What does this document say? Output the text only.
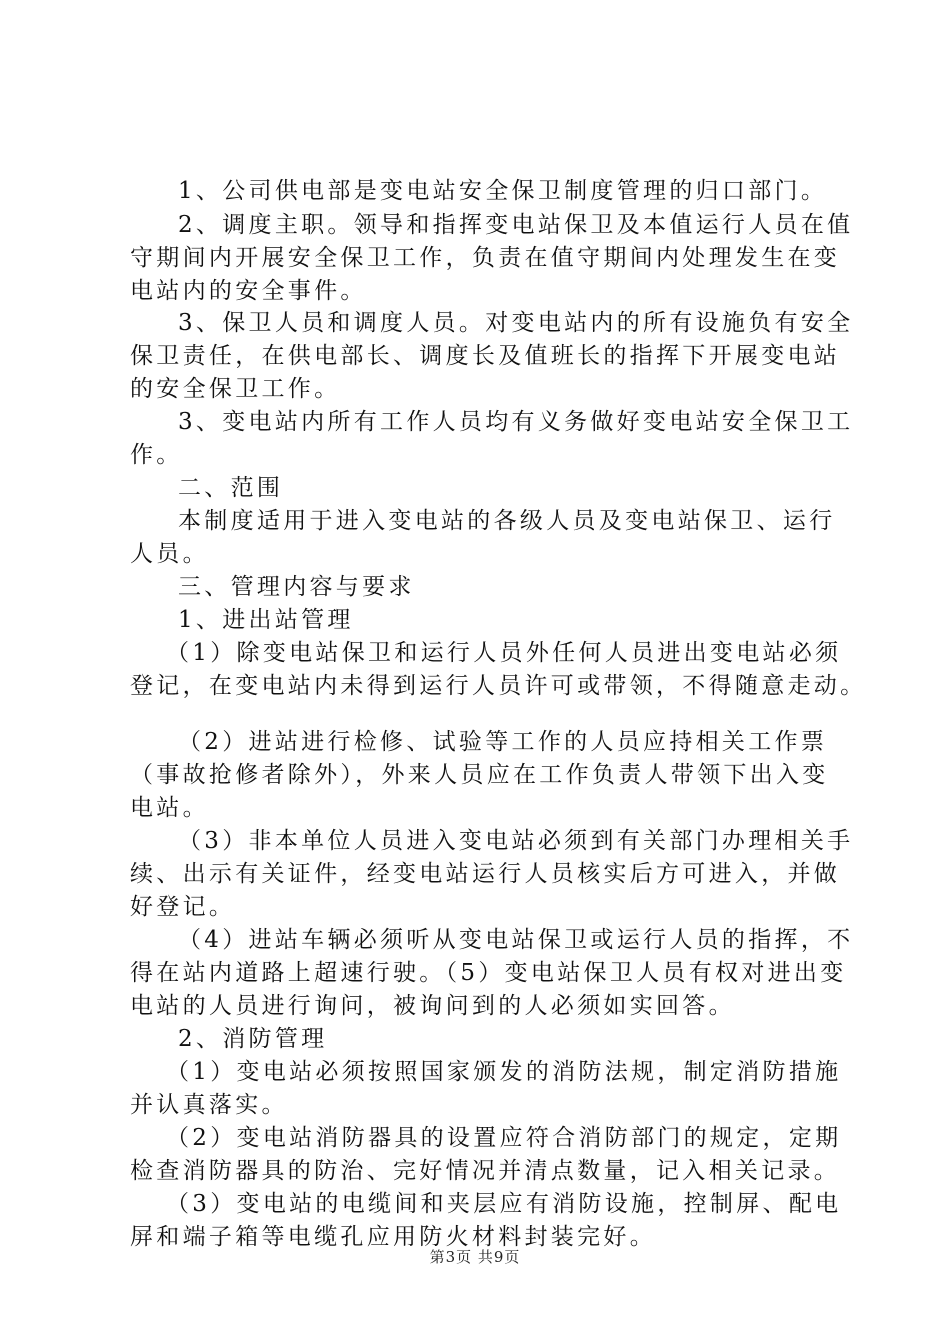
1、公司供电部是变电站安全保卫制度管理的归口部门。
2、调度主职。领导和指挥变电站保卫及本值运行人员在值
守期间内开展安全保卫工作，负责在值守期间内处理发生在变
电站内的安全事件。
3、保卫人员和调度人员。对变电站内的所有设施负有安全
保卫责任，在供电部长、调度长及值班长的指挥下开展变电站
的安全保卫工作。
3、变电站内所有工作人员均有义务做好变电站安全保卫工
作。
二、范围
本制度适用于进入变电站的各级人员及变电站保卫、运行
人员。
三、管理内容与要求
1、进出站管理
（1）除变电站保卫和运行人员外任何人员进出变电站必须
登记，在变电站内未得到运行人员许可或带领，不得随意走动。
（2）进站进行检修、试验等工作的人员应持相关工作票
（事故抢修者除外），外来人员应在工作负责人带领下出入变
电站。
（3）非本单位人员进入变电站必须到有关部门办理相关手
续、出示有关证件，经变电站运行人员核实后方可进入，并做
好登记。
（4）进站车辆必须听从变电站保卫或运行人员的指挥，不
得在站内道路上超速行驶。（5）变电站保卫人员有权对进出变
电站的人员进行询问，被询问到的人必须如实回答。
2、消防管理
（1）变电站必须按照国家颁发的消防法规，制定消防措施
并认真落实。
（2）变电站消防器具的设置应符合消防部门的规定，定期
检查消防器具的防治、完好情况并清点数量，记入相关记录。
（3）变电站的电缆间和夹层应有消防设施，控制屏、配电
屏和端子箱等电缆孔应用防火材料封装完好。
第3页 共9页
